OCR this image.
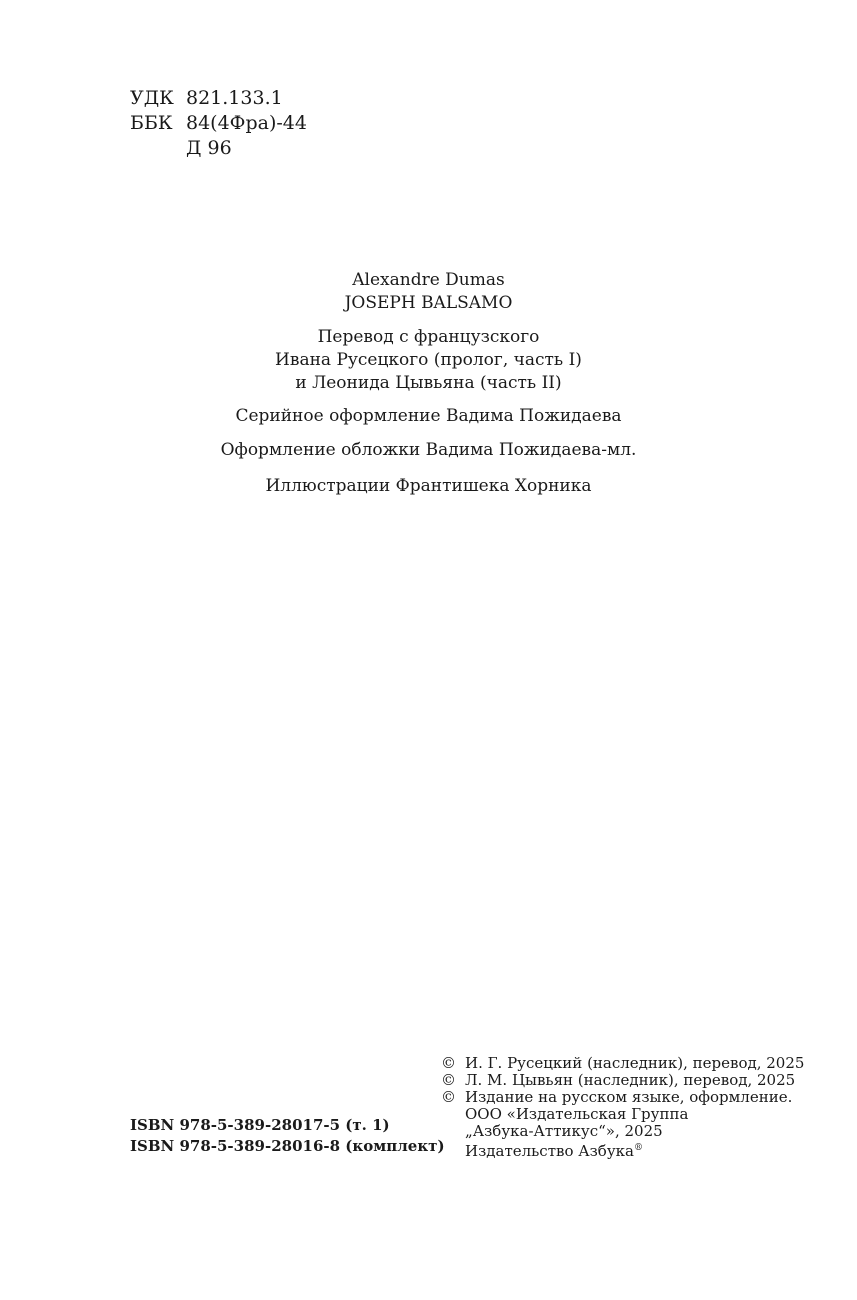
УДК 821.133.1
ББК 84(4Фра)-44
Д 96
Alexandre Dumas
JOSEPH BALSAMO
Перевод с французского
Ивана Русецкого (пролог, часть I)
и Леонида Цывьяна (часть II)
Серийное оформление Вадима Пожидаева
Оформление обложки Вадима Пожидаева-мл.
Иллюстрации Франтишека Хорника
ISBN 978-5-389-28017-5 (т. 1)
ISBN 978-5-389-28016-8 (комплект)
© И. Г. Русецкий (наследник), перевод, 2025
© Л. М. Цывьян (наследник), перевод, 2025
© Издание на русском языке, оформление.
ООО «Издательская Группа
„Азбука-Аттикус“», 2025
Издательство Азбука®
